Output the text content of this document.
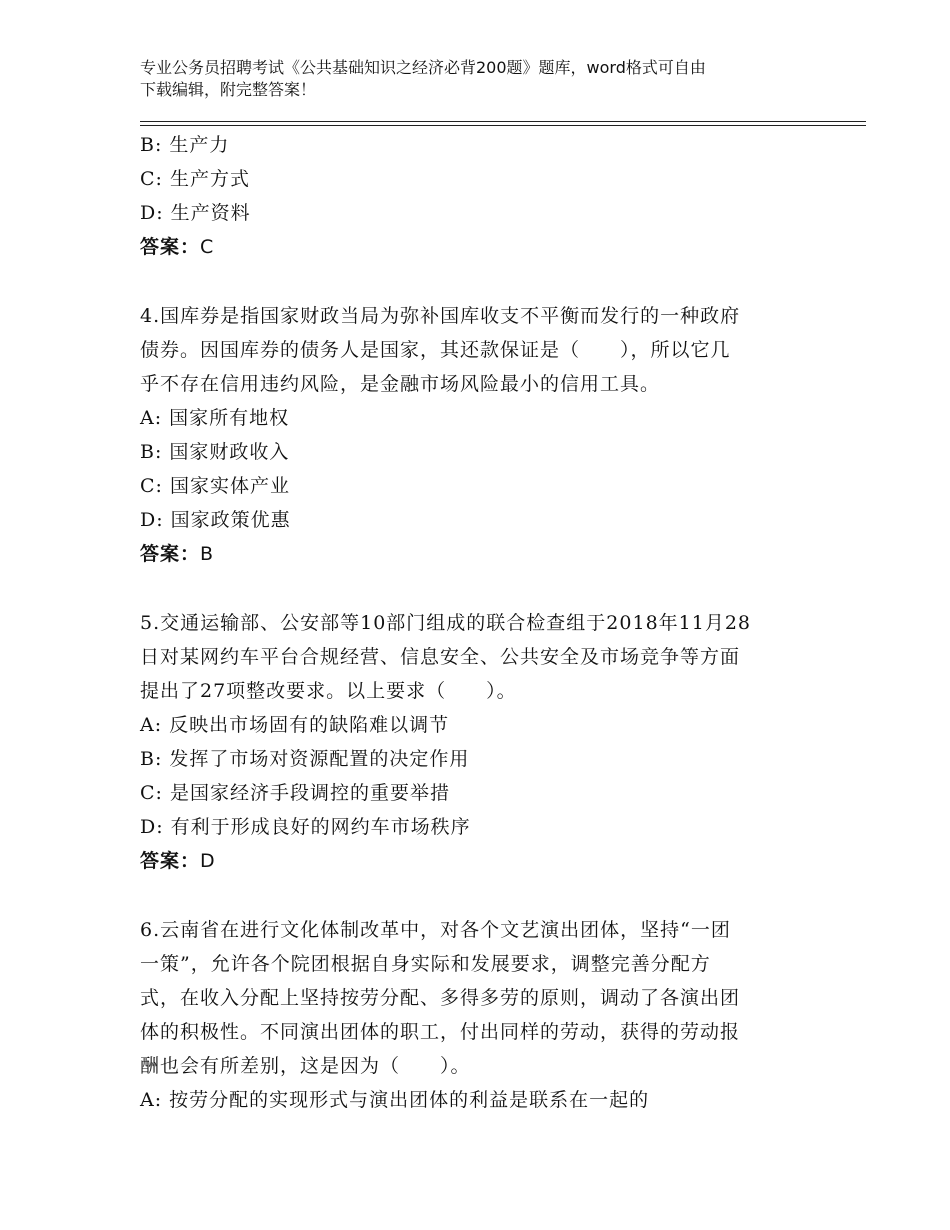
专业公务员招聘考试《公共基础知识之经济必背200题》题库，word格式可自由
下载编辑，附完整答案！
B: 生产力
C: 生产方式
D: 生产资料
答案：C
4.国库券是指国家财政当局为弥补国库收支不平衡而发行的一种政府
债券。因国库券的债务人是国家，其还款保证是（　　），所以它几
乎不存在信用违约风险，是金融市场风险最小的信用工具。
A: 国家所有地权
B: 国家财政收入
C: 国家实体产业
D: 国家政策优惠
答案：B
5.交通运输部、公安部等10部门组成的联合检查组于2018年11月28
日对某网约车平台合规经营、信息安全、公共安全及市场竞争等方面
提出了27项整改要求。以上要求（　　）。
A: 反映出市场固有的缺陷难以调节
B: 发挥了市场对资源配置的决定作用
C: 是国家经济手段调控的重要举措
D: 有利于形成良好的网约车市场秩序
答案：D
6.云南省在进行文化体制改革中，对各个文艺演出团体，坚持“一团
一策”，允许各个院团根据自身实际和发展要求，调整完善分配方
式，在收入分配上坚持按劳分配、多得多劳的原则，调动了各演出团
体的积极性。不同演出团体的职工，付出同样的劳动，获得的劳动报
酬也会有所差别，这是因为（　　）。
A: 按劳分配的实现形式与演出团体的利益是联系在一起的
